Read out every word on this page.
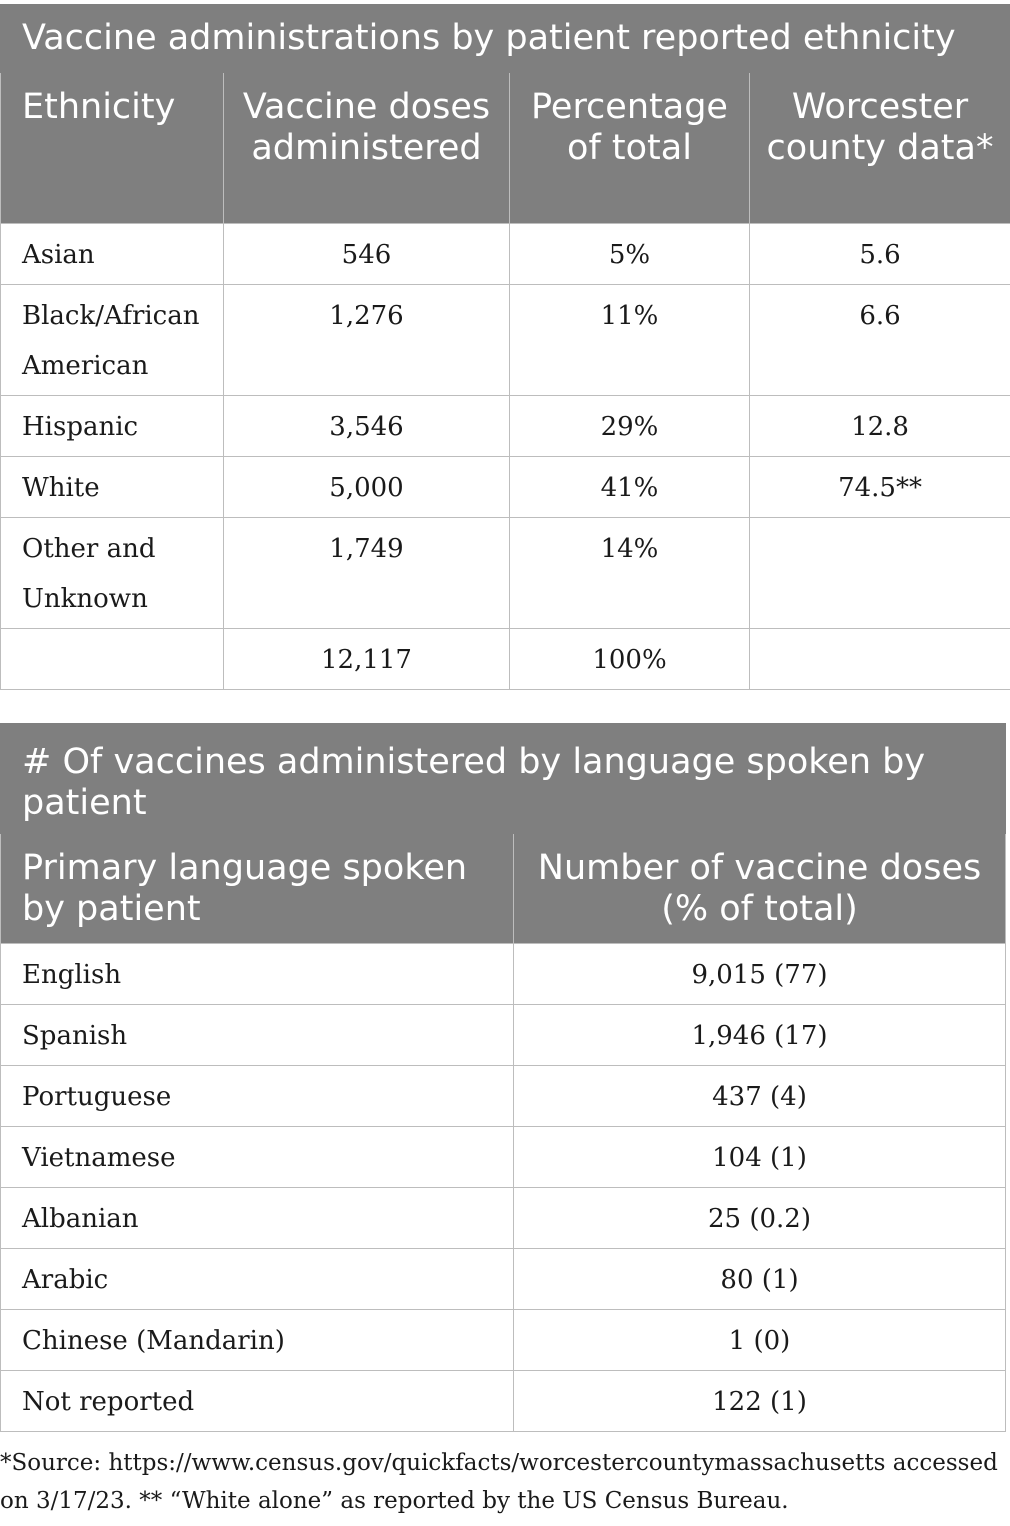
Vaccine administrations by patient reported ethnicity			
Ethnicity	Vaccine doses administered	Percentage of total	Worcester county data*
Asian	546	5%	5.6
Black/African American	1,276	11%	6.6
Hispanic	3,546	29%	12.8
White	5,000	41%	74.5**
Other and Unknown	1,749	14%	
	12,117	100%	
# Of vaccines administered by language spoken by patient	
Primary language spoken by patient	Number of vaccine doses (% of total)
English	9,015 (77)
Spanish	1,946 (17)
Portuguese	437 (4)
Vietnamese	104 (1)
Albanian	25 (0.2)
Arabic	80 (1)
Chinese (Mandarin)	1 (0)
Not reported	122 (1)
*Source: https://www.census.gov/quickfacts/worcestercountymassachusetts accessed on 3/17/23. ** “White alone” as reported by the US Census Bureau.
